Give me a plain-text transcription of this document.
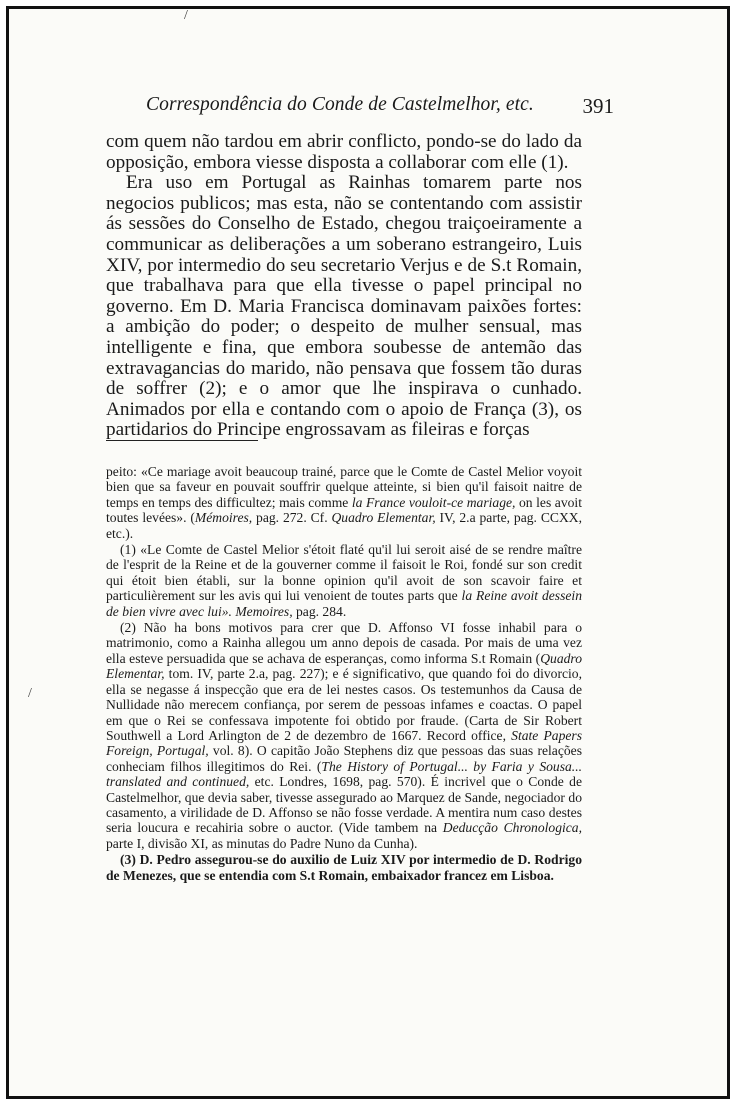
/
/
Correspondência do Conde de Castelmelhor, etc. 391

com quem não tardou em abrir conflicto, pondo-se do lado da opposição, embora viesse disposta a collaborar com elle (1).

Era uso em Portugal as Rainhas tomarem parte nos negocios publicos; mas esta, não se contentando com assistir ás sessões do Conselho de Estado, chegou traiçoeiramente a communicar as deliberações a um soberano estrangeiro, Luis XIV, por intermedio do seu secretario Verjus e de S.t Romain, que trabalhava para que ella tivesse o papel principal no governo. Em D. Maria Francisca dominavam paixões fortes: a ambição do poder; o despeito de mulher sensual, mas intelligente e fina, que embora soubesse de antemão das extravagancias do marido, não pensava que fossem tão duras de soffrer (2); e o amor que lhe inspirava o cunhado. Animados por ella e contando com o apoio de França (3), os partidarios do Principe engrossavam as fileiras e forças

peito: «Ce mariage avoit beaucoup trainé, parce que le Comte de Castel Melior voyoit bien que sa faveur en pouvait souffrir quelque atteinte, si bien qu'il faisoit naitre de temps en temps des difficultez; mais comme la France vouloit-ce mariage, on les avoit toutes levées». (Mémoires, pag. 272. Cf. Quadro Elementar, IV, 2.a parte, pag. CCXX, etc.).

(1) «Le Comte de Castel Melior s'étoit flaté qu'il lui seroit aisé de se rendre maître de l'esprit de la Reine et de la gouverner comme il faisoit le Roi, fondé sur son credit qui étoit bien établi, sur la bonne opinion qu'il avoit de son scavoir faire et particulièrement sur les avis qui lui venoient de toutes parts que la Reine avoit dessein de bien vivre avec lui». Memoires, pag. 284.

(2) Não ha bons motivos para crer que D. Affonso VI fosse inhabil para o matrimonio, como a Rainha allegou um anno depois de casada. Por mais de uma vez ella esteve persuadida que se achava de esperanças, como informa S.t Romain (Quadro Elementar, tom. IV, parte 2.a, pag. 227); e é significativo, que quando foi do divorcio, ella se negasse á inspecção que era de lei nestes casos. Os testemunhos da Causa de Nullidade não merecem confiança, por serem de pessoas infames e coactas. O papel em que o Rei se confessava impotente foi obtido por fraude. (Carta de Sir Robert Southwell a Lord Arlington de 2 de dezembro de 1667. Record office, State Papers Foreign, Portugal, vol. 8). O capitão João Stephens diz que pessoas das suas relações conheciam filhos illegitimos do Rei. (The History of Portugal... by Faria y Sousa... translated and continued, etc. Londres, 1698, pag. 570). É incrivel que o Conde de Castelmelhor, que devia saber, tivesse assegurado ao Marquez de Sande, negociador do casamento, a virilidade de D. Affonso se não fosse verdade. A mentira num caso destes seria loucura e recahiria sobre o auctor. (Vide tambem na Deducção Chronologica, parte I, divisão XI, as minutas do Padre Nuno da Cunha).

(3) D. Pedro assegurou-se do auxilio de Luiz XIV por intermedio de D. Rodrigo de Menezes, que se entendia com S.t Romain, embaixador francez em Lisboa.
